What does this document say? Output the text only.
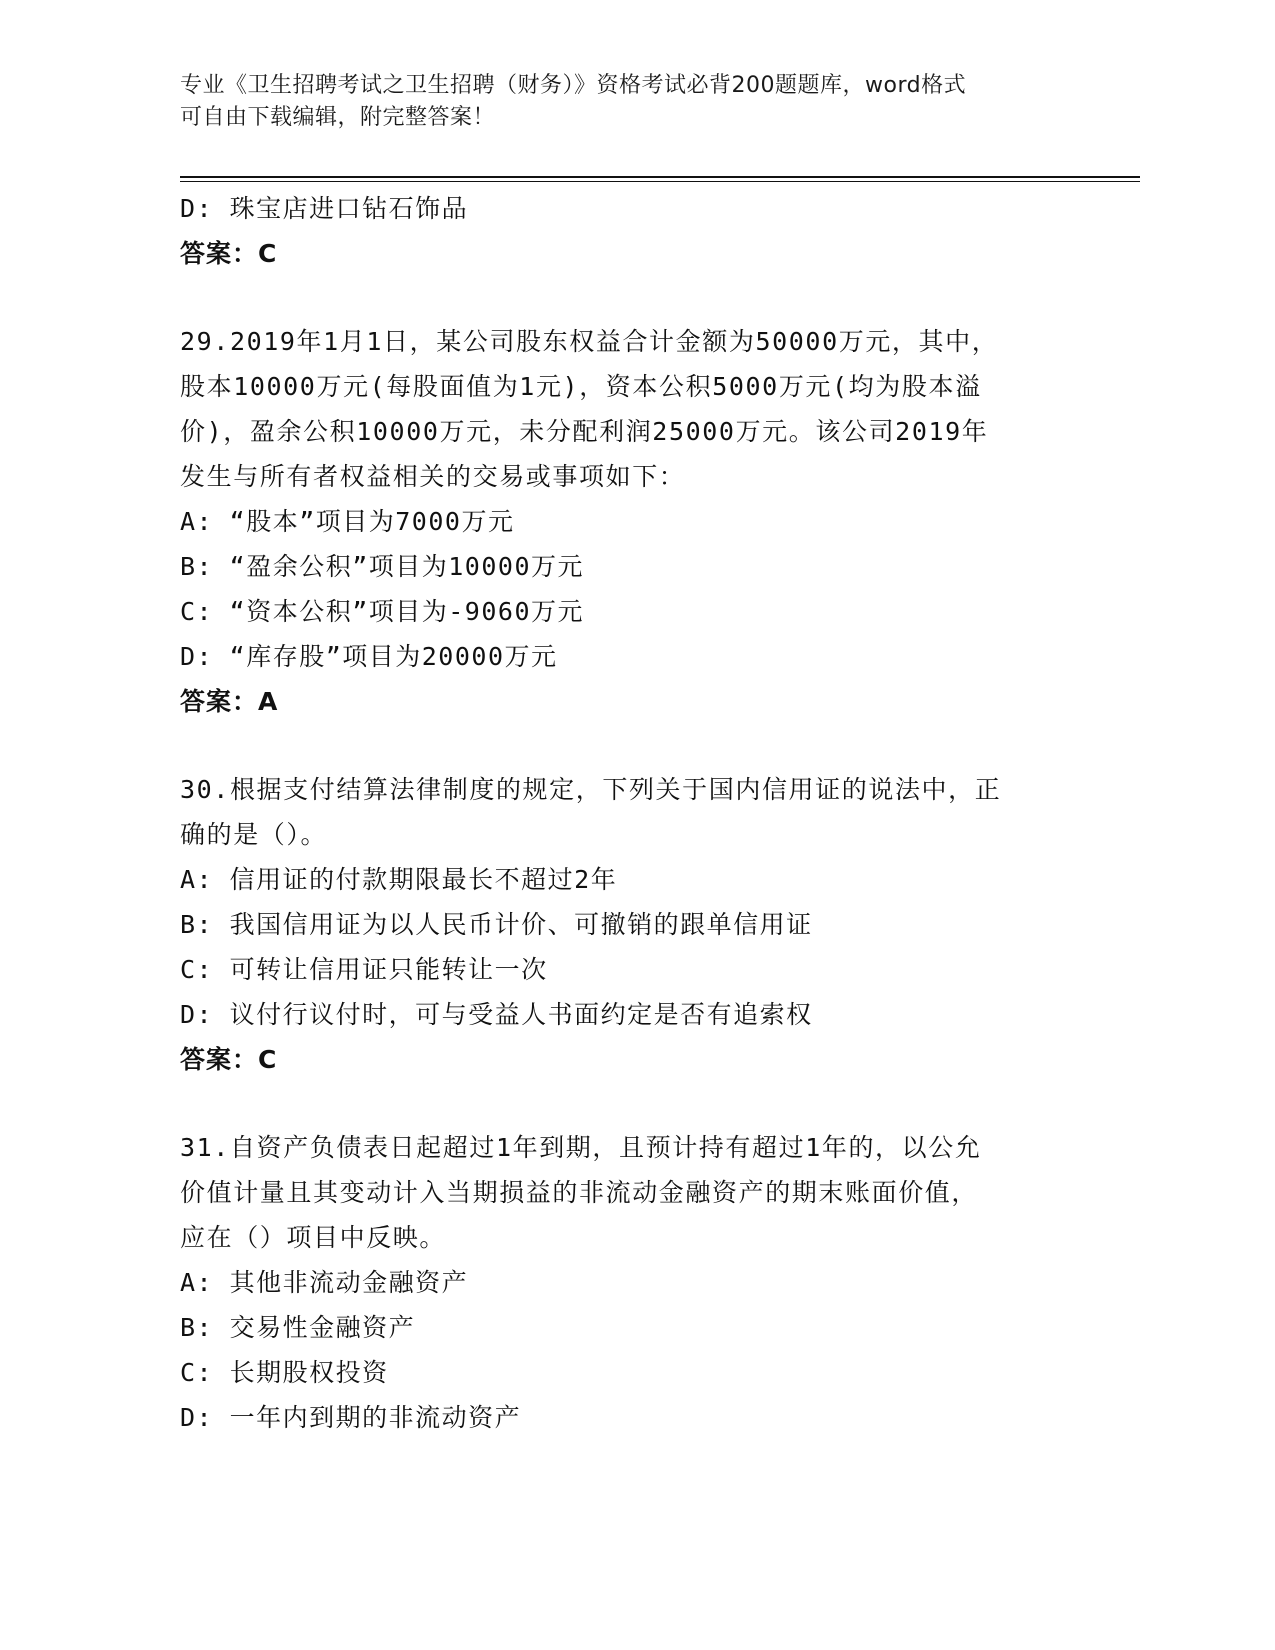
专业《卫生招聘考试之卫生招聘（财务）》资格考试必背200题题库，word格式
可自由下载编辑，附完整答案！
D: 珠宝店进口钻石饰品
答案：C
29.2019年1月1日，某公司股东权益合计金额为50000万元，其中，
股本10000万元(每股面值为1元)，资本公积5000万元(均为股本溢
价)，盈余公积10000万元，未分配利润25000万元。该公司2019年
发生与所有者权益相关的交易或事项如下：
A: “股本”项目为7000万元
B: “盈余公积”项目为10000万元
C: “资本公积”项目为-9060万元
D: “库存股”项目为20000万元
答案：A
30.根据支付结算法律制度的规定，下列关于国内信用证的说法中，正
确的是（）。
A: 信用证的付款期限最长不超过2年
B: 我国信用证为以人民币计价、可撤销的跟单信用证
C: 可转让信用证只能转让一次
D: 议付行议付时，可与受益人书面约定是否有追索权
答案：C
31.自资产负债表日起超过1年到期，且预计持有超过1年的，以公允
价值计量且其变动计入当期损益的非流动金融资产的期末账面价值，
应在（）项目中反映。
A: 其他非流动金融资产
B: 交易性金融资产
C: 长期股权投资
D: 一年内到期的非流动资产
